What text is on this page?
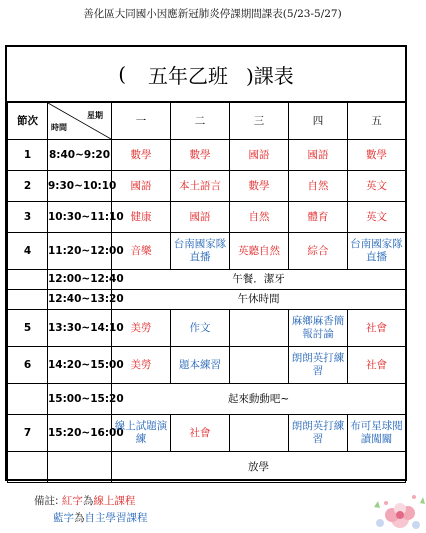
善化區大同國小因應新冠肺炎停課期間課表(5/23-5/27)
( 五年乙班 )課表
節次	星期
時間	一	二	三	四	五
1	8:40~9:20	數學	數學	國語	國語	數學
2	9:30~10:10	國語	本土語言	數學	自然	英文
3	10:30~11:10	健康	國語	自然	體育	英文
4	11:20~12:00	音樂	台南國家隊直播	英聽自然	綜合	台南國家隊直播
	12:00~12:40	午餐．潔牙				
	12:40~13:20	午休時間				
5	13:30~14:10	美勞	作文		麻鄉麻香簡報討論	社會
6	14:20~15:00	美勞	題本練習		朗朗英打練習	社會
	15:00~15:20	起來動動吧~				
7	15:20~16:00	線上試題演練	社會		朗朗英打練習	布可星球閱讀闖關
		放學				
備註: 紅字為線上課程
藍字為自主學習課程
